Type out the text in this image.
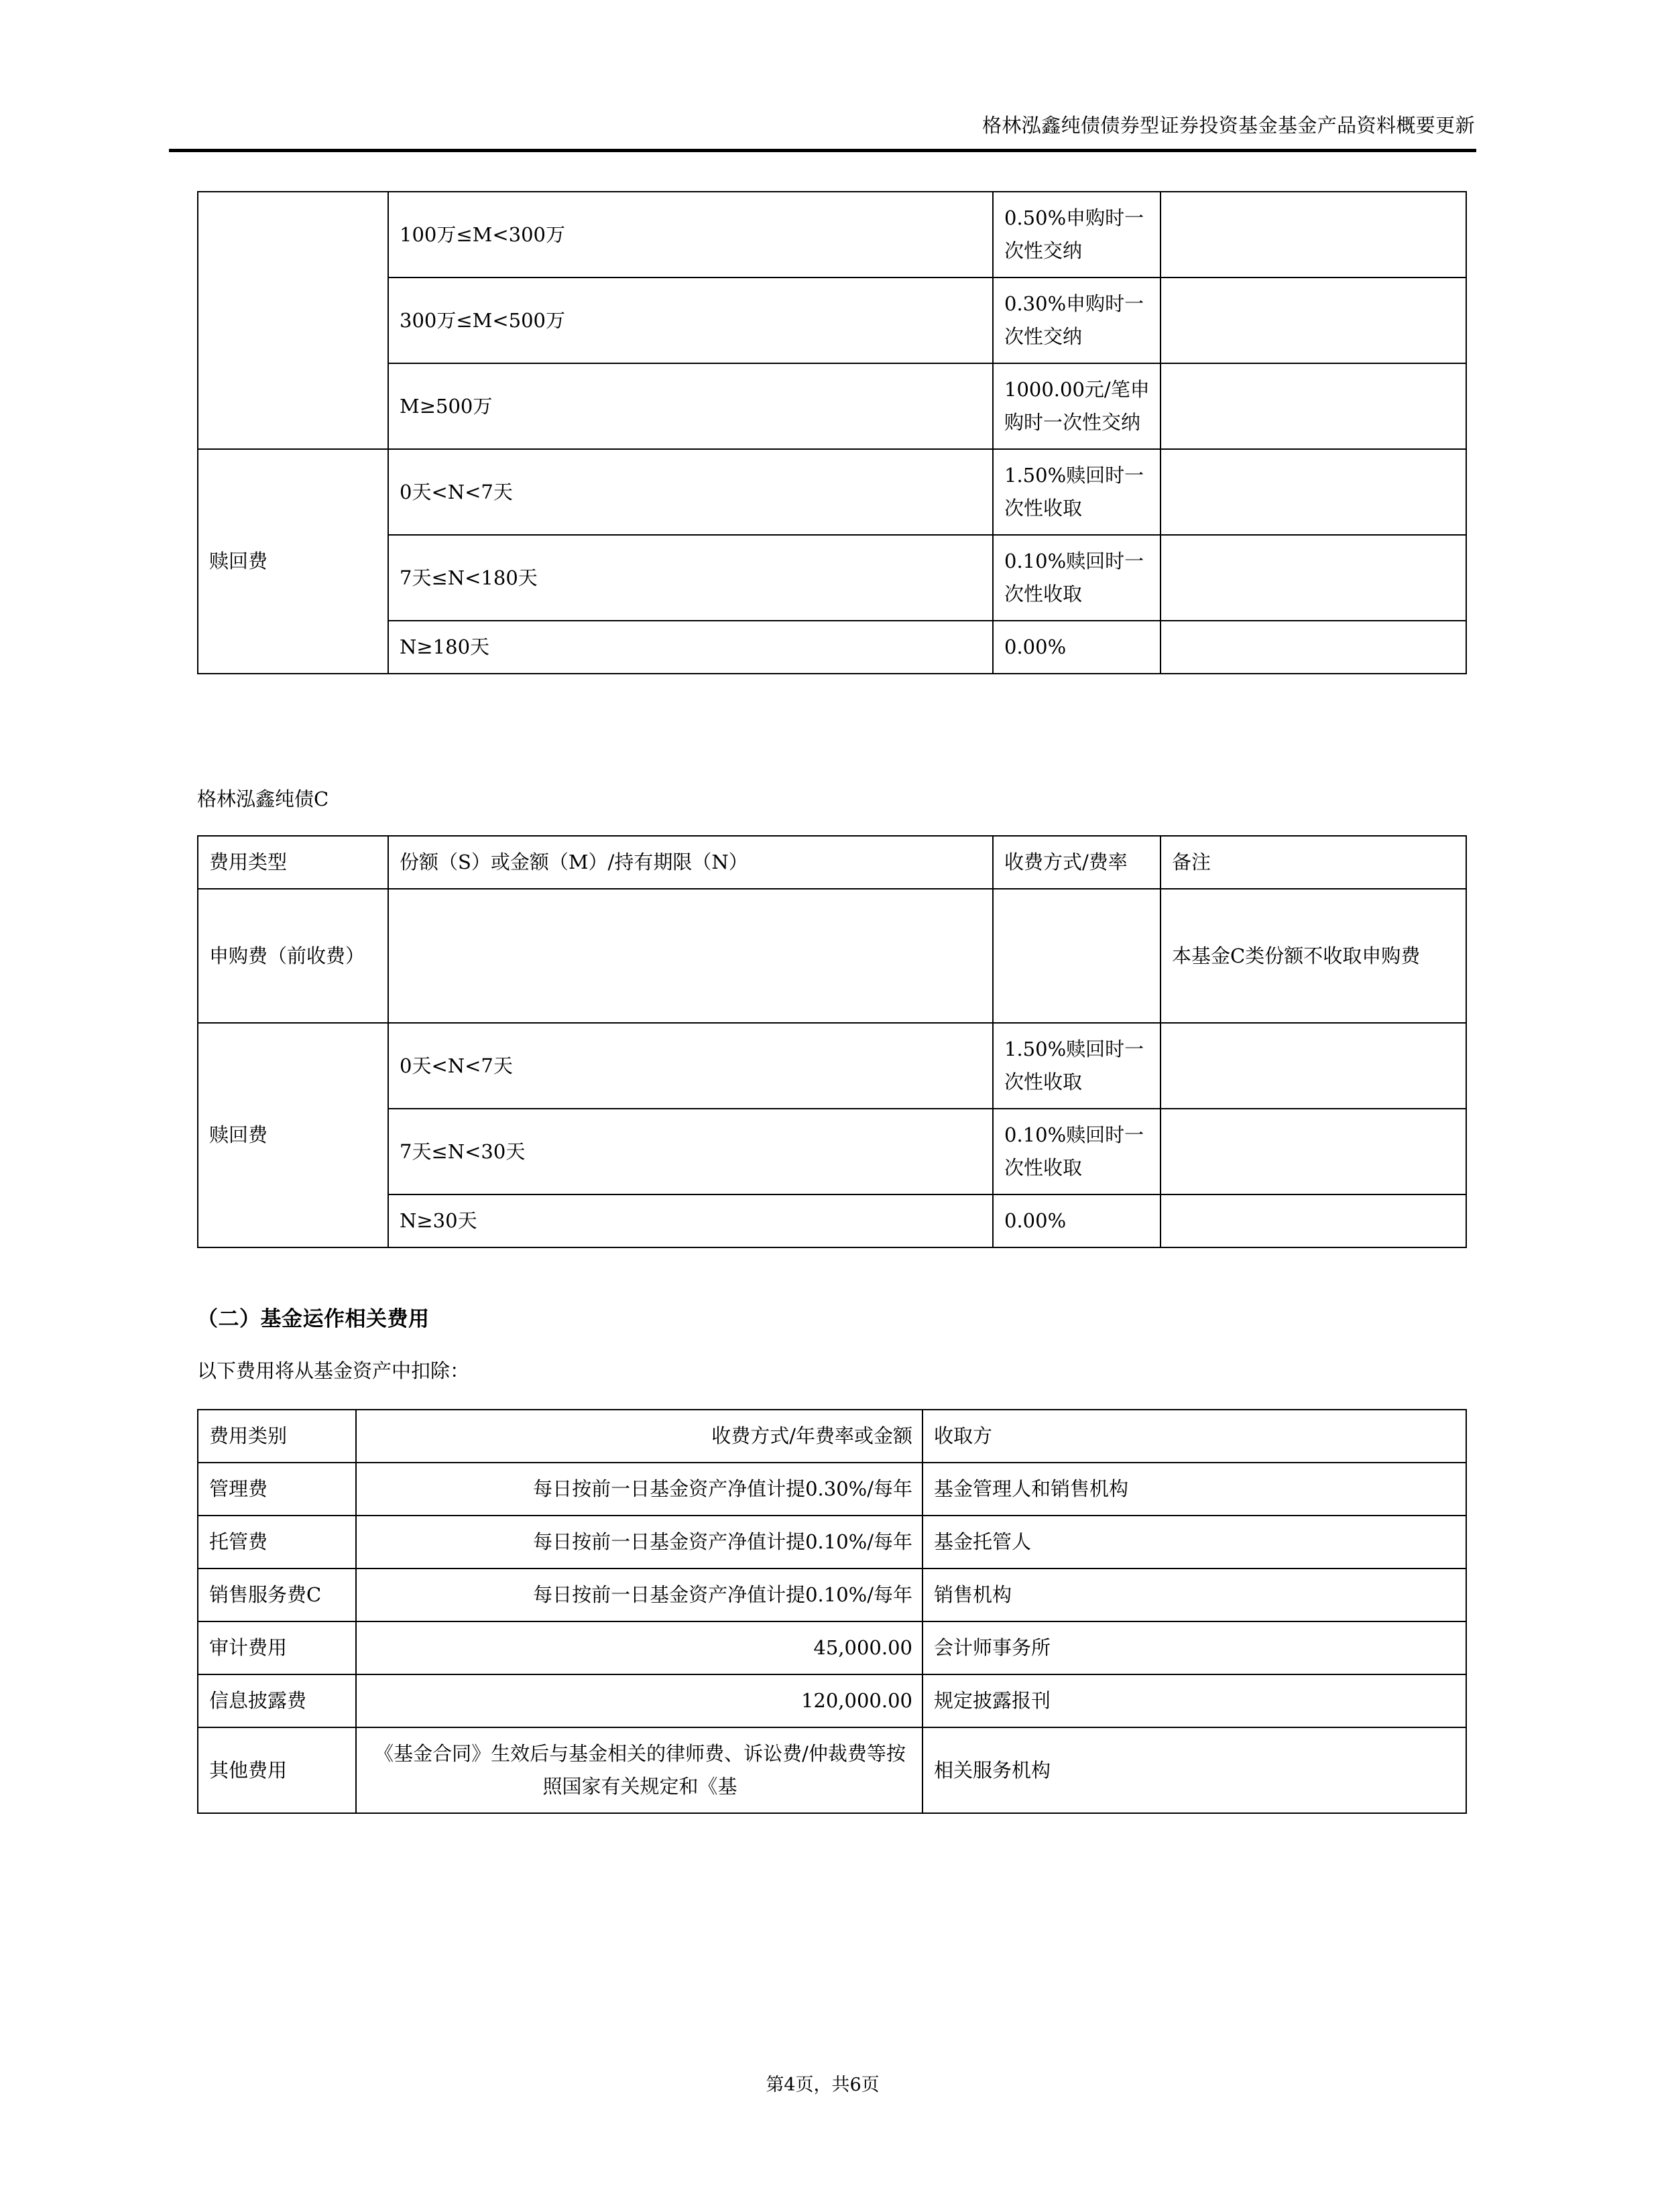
格林泓鑫纯债债券型证券投资基金基金产品资料概要更新
	100万≤M<300万	0.50%申购时一次性交纳	
	300万≤M<500万	0.30%申购时一次性交纳	
	M≥500万	1000.00元/笔申购时一次性交纳	
赎回费	0天<N<7天	1.50%赎回时一次性收取	
	7天≤N<180天	0.10%赎回时一次性收取	
	N≥180天	0.00%	
格林泓鑫纯债C
费用类型	份额（S）或金额（M）/持有期限（N）	收费方式/费率	备注
申购费（前收费）			本基金C类份额不收取申购费
赎回费	0天<N<7天	1.50%赎回时一次性收取	
	7天≤N<30天	0.10%赎回时一次性收取	
	N≥30天	0.00%	
（二）基金运作相关费用
以下费用将从基金资产中扣除：
费用类别	收费方式/年费率或金额	收取方
管理费	每日按前一日基金资产净值计提0.30%/每年	基金管理人和销售机构
托管费	每日按前一日基金资产净值计提0.10%/每年	基金托管人
销售服务费C	每日按前一日基金资产净值计提0.10%/每年	销售机构
审计费用	45,000.00	会计师事务所
信息披露费	120,000.00	规定披露报刊
其他费用	《基金合同》生效后与基金相关的律师费、诉讼费/仲裁费等按照国家有关规定和《基	相关服务机构
第4页，共6页
